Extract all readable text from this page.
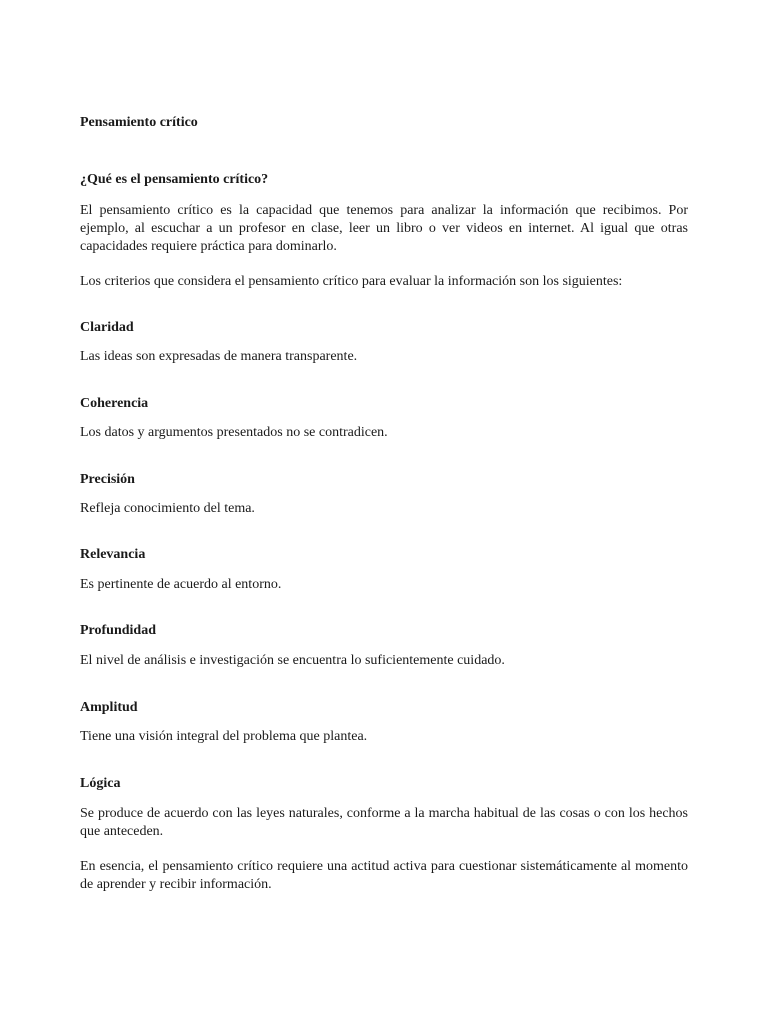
Pensamiento crítico

¿Qué es el pensamiento crítico?

El pensamiento crítico es la capacidad que tenemos para analizar la información que recibimos. Por ejemplo, al escuchar a un profesor en clase, leer un libro o ver videos en internet. Al igual que otras capacidades requiere práctica para dominarlo.

Los criterios que considera el pensamiento crítico para evaluar la información son los siguientes:

Claridad

Las ideas son expresadas de manera transparente.

Coherencia

Los datos y argumentos presentados no se contradicen.

Precisión

Refleja conocimiento del tema.

Relevancia

Es pertinente de acuerdo al entorno.

Profundidad

El nivel de análisis e investigación se encuentra lo suficientemente cuidado.

Amplitud

Tiene una visión integral del problema que plantea.

Lógica

Se produce de acuerdo con las leyes naturales, conforme a la marcha habitual de las cosas o con los hechos que anteceden.

En esencia, el pensamiento crítico requiere una actitud activa para cuestionar sistemáticamente al momento de aprender y recibir información.
